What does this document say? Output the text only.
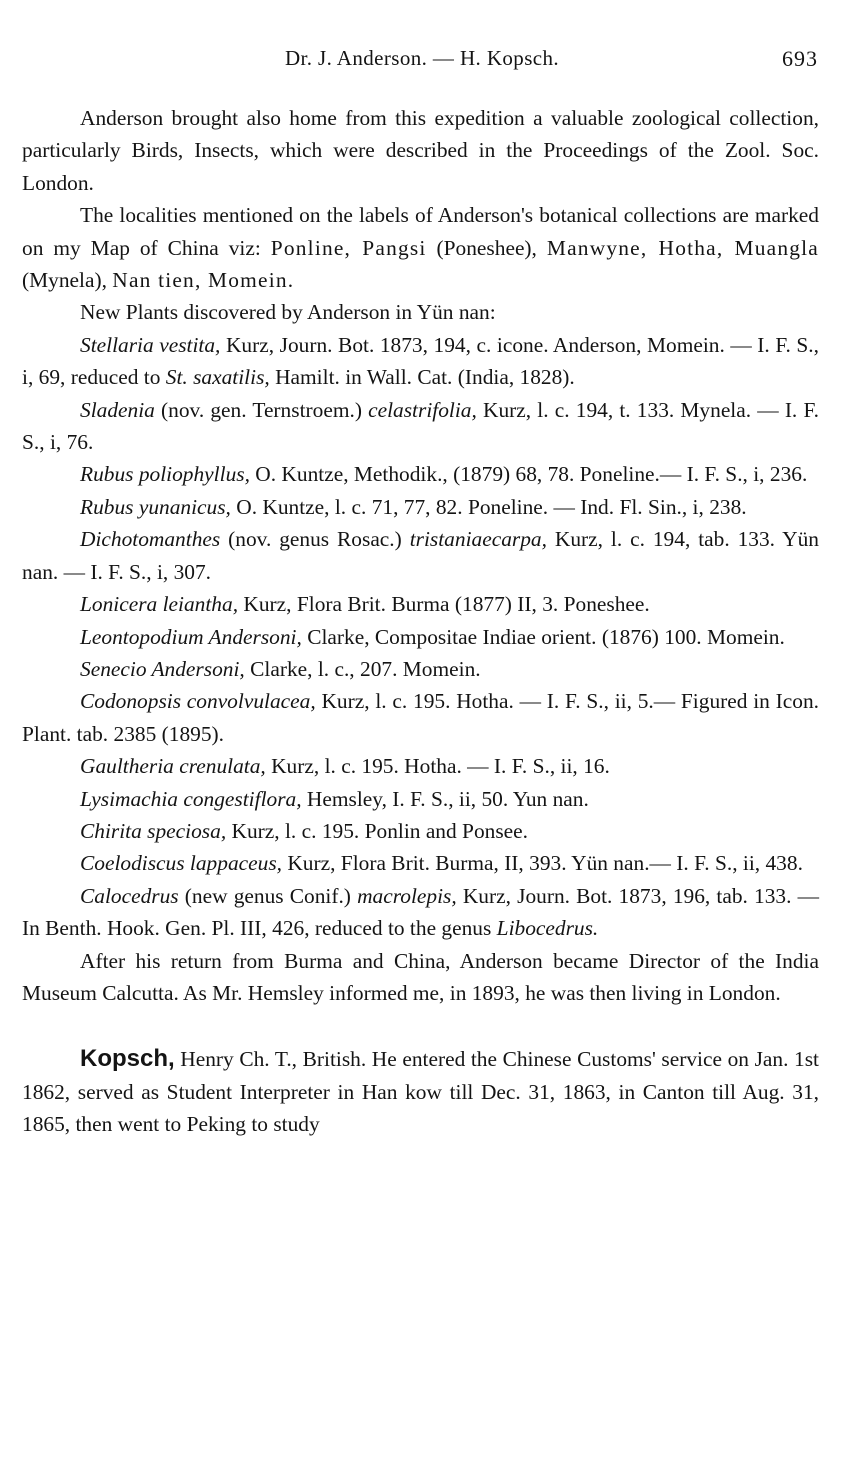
Dr. J. Anderson. — H. Kopsch.	693

Anderson brought also home from this expedition a valuable zoological collection, particularly Birds, Insects, which were described in the Proceedings of the Zool. Soc. London.

The localities mentioned on the labels of Anderson's botanical collections are marked on my Map of China viz: Ponline, Pangsi (Poneshee), Manwyne, Hotha, Muangla (Mynela), Nan tien, Momein.

New Plants discovered by Anderson in Yün nan:

Stellaria vestita, Kurz, Journ. Bot. 1873, 194, c. icone. Anderson, Momein. — I. F. S., i, 69, reduced to St. saxatilis, Hamilt. in Wall. Cat. (India, 1828).

Sladenia (nov. gen. Ternstroem.) celastrifolia, Kurz, l. c. 194, t. 133. Mynela. — I. F. S., i, 76.

Rubus poliophyllus, O. Kuntze, Methodik., (1879) 68, 78. Poneline.— I. F. S., i, 236.

Rubus yunanicus, O. Kuntze, l. c. 71, 77, 82. Poneline. — Ind. Fl. Sin., i, 238.

Dichotomanthes (nov. genus Rosac.) tristaniaecarpa, Kurz, l. c. 194, tab. 133. Yün nan. — I. F. S., i, 307.

Lonicera leiantha, Kurz, Flora Brit. Burma (1877) II, 3. Poneshee.

Leontopodium Andersoni, Clarke, Compositae Indiae orient. (1876) 100. Momein.

Senecio Andersoni, Clarke, l. c., 207. Momein.

Codonopsis convolvulacea, Kurz, l. c. 195. Hotha. — I. F. S., ii, 5.— Figured in Icon. Plant. tab. 2385 (1895).

Gaultheria crenulata, Kurz, l. c. 195. Hotha. — I. F. S., ii, 16.

Lysimachia congestiflora, Hemsley, I. F. S., ii, 50. Yun nan.

Chirita speciosa, Kurz, l. c. 195. Ponlin and Ponsee.

Coelodiscus lappaceus, Kurz, Flora Brit. Burma, II, 393. Yün nan.— I. F. S., ii, 438.

Calocedrus (new genus Conif.) macrolepis, Kurz, Journ. Bot. 1873, 196, tab. 133. — In Benth. Hook. Gen. Pl. III, 426, reduced to the genus Libocedrus.

After his return from Burma and China, Anderson became Director of the India Museum Calcutta. As Mr. Hemsley informed me, in 1893, he was then living in London.

Kopsch, Henry Ch. T., British. He entered the Chinese Customs' service on Jan. 1st 1862, served as Student Interpreter in Han kow till Dec. 31, 1863, in Canton till Aug. 31, 1865, then went to Peking to study
